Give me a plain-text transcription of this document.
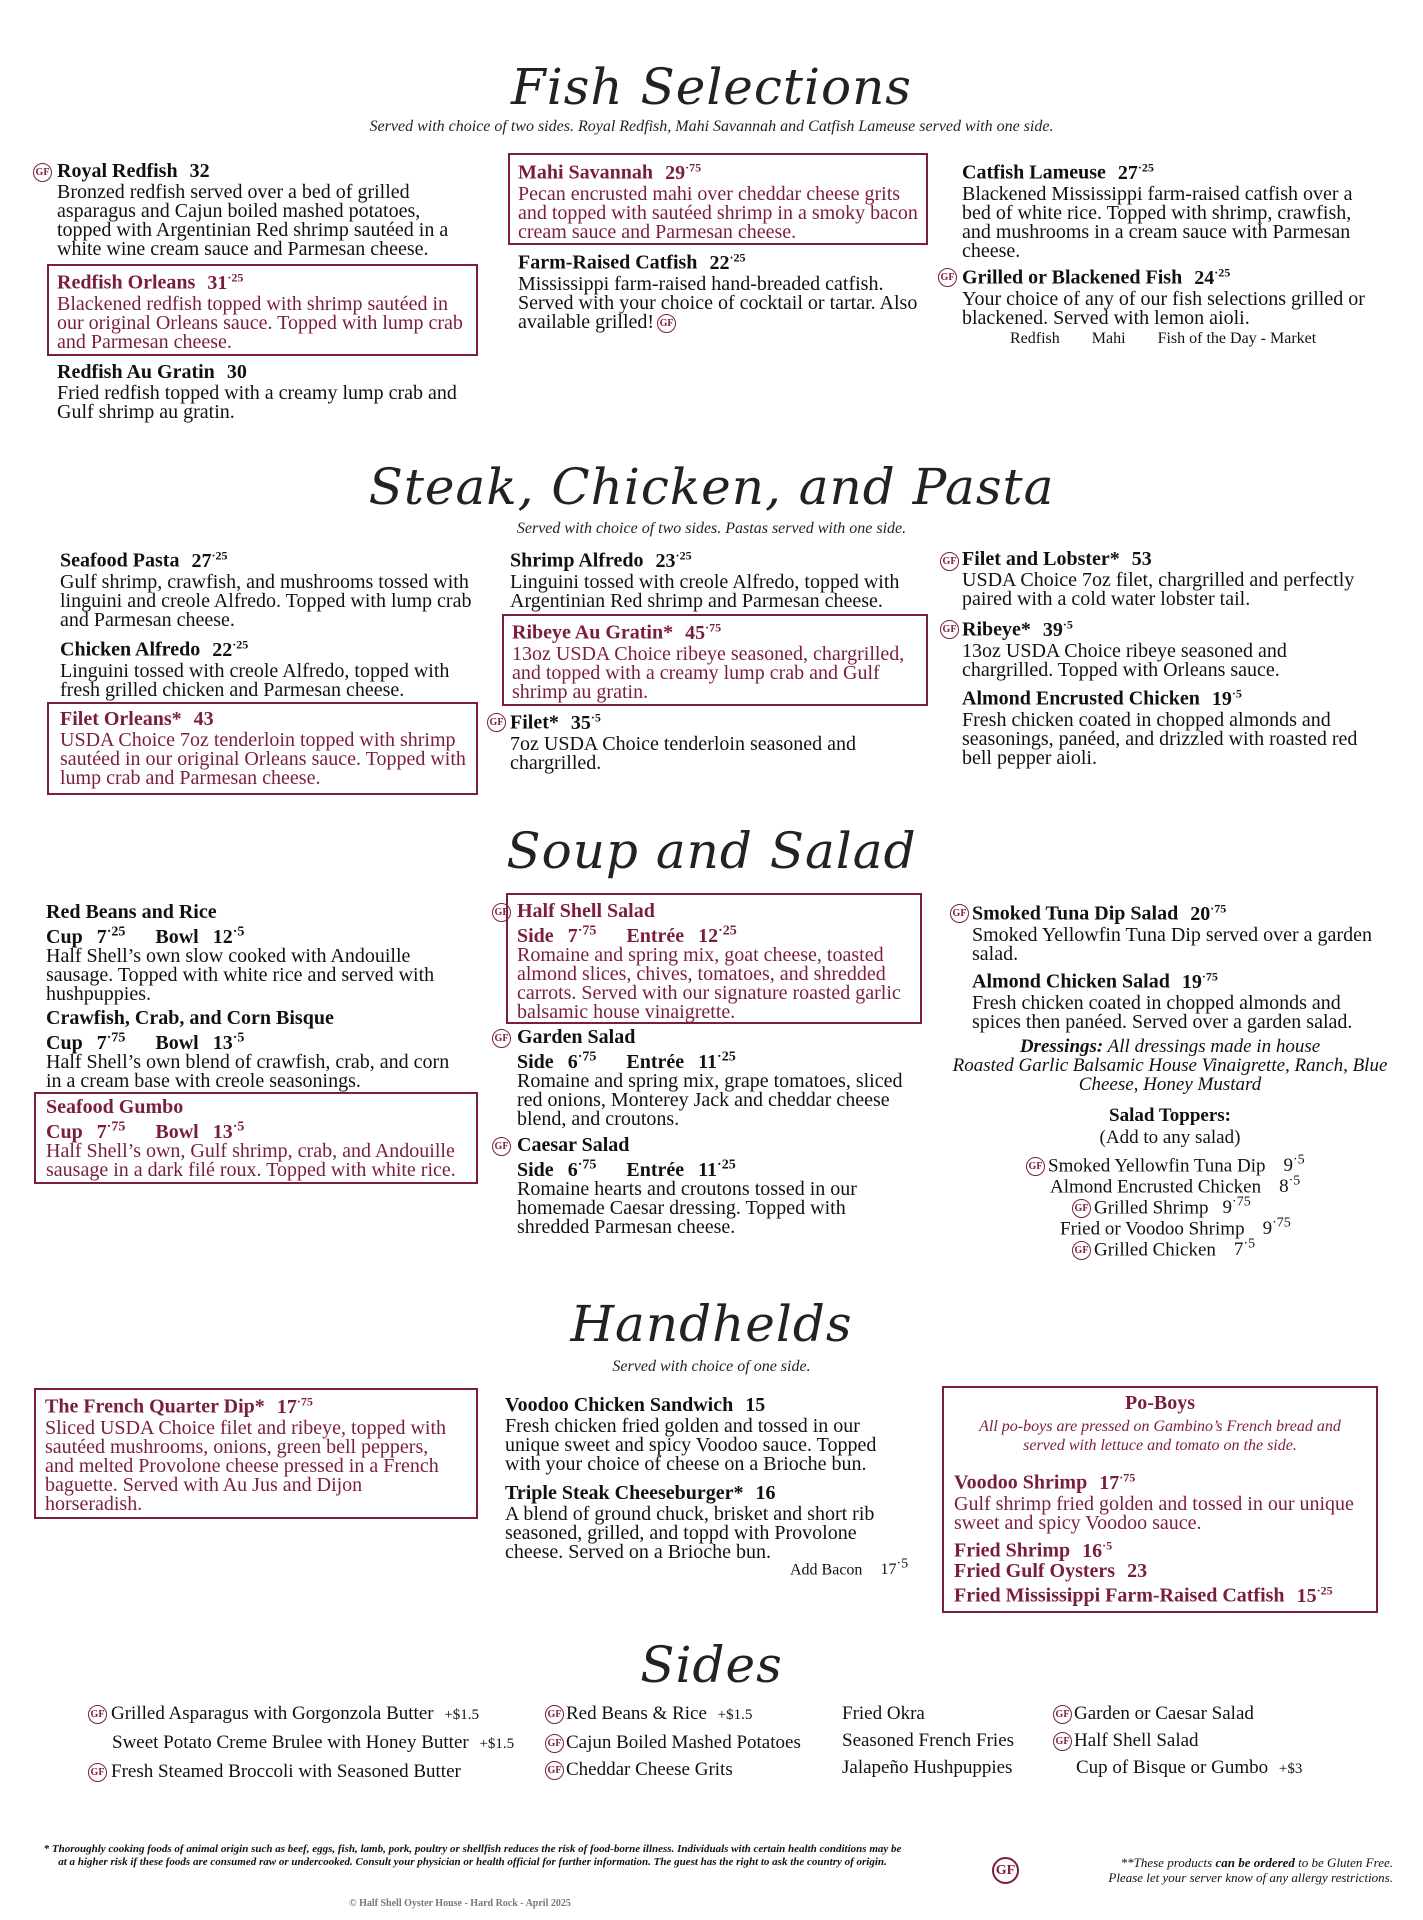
Fish Selections
Served with choice of two sides. Royal Redfish, Mahi Savannah and Catfish Lameuse served with one side.
GF Royal Redfish 32
Bronzed redfish served over a bed of grilled asparagus and Cajun boiled mashed potatoes, topped with Argentinian Red shrimp sautéed in a white wine cream sauce and Parmesan cheese.
Redfish Orleans $31^{\cdot 25}$
Blackened redfish topped with shrimp sautéed in our original Orleans sauce. Topped with lump crab and Parmesan cheese.
Redfish Au Gratin 30
Fried redfish topped with a creamy lump crab and Gulf shrimp au gratin.
Mahi Savannah $29^{\cdot 75}$
Pecan encrusted mahi over cheddar cheese grits and topped with sautéed shrimp in a smoky bacon cream sauce and Parmesan cheese.
Farm-Raised Catfish $22^{\cdot 25}$
Mississippi farm-raised hand-breaded catfish. Served with your choice of cocktail or tartar. Also available grilled! GF
Catfish Lameuse $27^{\cdot 25}$
Blackened Mississippi farm-raised catfish over a bed of white rice. Topped with shrimp, crawfish, and mushrooms in a cream sauce with Parmesan cheese.
GF Grilled or Blackened Fish $24^{\cdot 25}$
Your choice of any of our fish selections grilled or blackened. Served with lemon aioli.
Redfish Mahi Fish of the Day - Market
Steak, Chicken, and Pasta
Served with choice of two sides. Pastas served with one side.
Seafood Pasta $27^{\cdot 25}$
Gulf shrimp, crawfish, and mushrooms tossed with linguini and creole Alfredo. Topped with lump crab and Parmesan cheese.
Chicken Alfredo $22^{\cdot 25}$
Linguini tossed with creole Alfredo, topped with fresh grilled chicken and Parmesan cheese.
Filet Orleans* 43
USDA Choice 7oz tenderloin topped with shrimp sautéed in our original Orleans sauce. Topped with lump crab and Parmesan cheese.
Shrimp Alfredo $23^{\cdot 25}$
Linguini tossed with creole Alfredo, topped with Argentinian Red shrimp and Parmesan cheese.
Ribeye Au Gratin* $45^{\cdot 75}$
13oz USDA Choice ribeye seasoned, chargrilled, and topped with a creamy lump crab and Gulf shrimp au gratin.
GF Filet* $35^{\cdot 5}$
7oz USDA Choice tenderloin seasoned and chargrilled.
GF Filet and Lobster* 53
USDA Choice 7oz filet, chargrilled and perfectly paired with a cold water lobster tail.
GF Ribeye* $39^{\cdot 5}$
13oz USDA Choice ribeye seasoned and chargrilled. Topped with Orleans sauce.
Almond Encrusted Chicken $19^{\cdot 5}$
Fresh chicken coated in chopped almonds and seasonings, panéed, and drizzled with roasted red bell pepper aioli.
Soup and Salad
Red Beans and Rice
Cup $7^{\cdot 25}$ Bowl $12^{\cdot 5}$
Half Shell’s own slow cooked with Andouille sausage. Topped with white rice and served with hushpuppies.
Crawfish, Crab, and Corn Bisque
Cup $7^{\cdot 75}$ Bowl $13^{\cdot 5}$
Half Shell’s own blend of crawfish, crab, and corn in a cream base with creole seasonings.
Seafood Gumbo
Cup $7^{\cdot 75}$ Bowl $13^{\cdot 5}$
Half Shell’s own, Gulf shrimp, crab, and Andouille sausage in a dark filé roux. Topped with white rice.
GF Half Shell Salad
Side $7^{\cdot 75}$ Entrée $12^{\cdot 25}$
Romaine and spring mix, goat cheese, toasted almond slices, chives, tomatoes, and shredded carrots. Served with our signature roasted garlic balsamic house vinaigrette.
GF Garden Salad
Side $6^{\cdot 75}$ Entrée $11^{\cdot 25}$
Romaine and spring mix, grape tomatoes, sliced red onions, Monterey Jack and cheddar cheese blend, and croutons.
GF Caesar Salad
Side $6^{\cdot 75}$ Entrée $11^{\cdot 25}$
Romaine hearts and croutons tossed in our homemade Caesar dressing. Topped with shredded Parmesan cheese.
GF Smoked Tuna Dip Salad $20^{\cdot 75}$
Smoked Yellowfin Tuna Dip served over a garden salad.
Almond Chicken Salad $19^{\cdot 75}$
Fresh chicken coated in chopped almonds and spices then panéed. Served over a garden salad.
Dressings: All dressings made in house
Roasted Garlic Balsamic House Vinaigrette, Ranch, Blue Cheese, Honey Mustard
Salad Toppers:
(Add to any salad)
GF Smoked Yellowfin Tuna Dip $9^{\cdot 5}$
Almond Encrusted Chicken $8^{\cdot 5}$
GF Grilled Shrimp $9^{\cdot 75}$
Fried or Voodoo Shrimp $9^{\cdot 75}$
GF Grilled Chicken $7^{\cdot 5}$
Handhelds
Served with choice of one side.
The French Quarter Dip* $17^{\cdot 75}$
Sliced USDA Choice filet and ribeye, topped with sautéed mushrooms, onions, green bell peppers, and melted Provolone cheese pressed in a French baguette. Served with Au Jus and Dijon horseradish.
Voodoo Chicken Sandwich 15
Fresh chicken fried golden and tossed in our unique sweet and spicy Voodoo sauce. Topped with your choice of cheese on a Brioche bun.
Triple Steak Cheeseburger* 16
A blend of ground chuck, brisket and short rib seasoned, grilled, and toppd with Provolone cheese. Served on a Brioche bun.
Add Bacon $17^{\cdot 5}$
Po-Boys
All po-boys are pressed on Gambino’s French bread and served with lettuce and tomato on the side.
Voodoo Shrimp $17^{\cdot 75}$
Gulf shrimp fried golden and tossed in our unique sweet and spicy Voodoo sauce.
Fried Shrimp $16^{\cdot 5}$
Fried Gulf Oysters 23
Fried Mississippi Farm-Raised Catfish $15^{\cdot 25}$
Sides
GF Grilled Asparagus with Gorgonzola Butter +$1.5
Sweet Potato Creme Brulee with Honey Butter +$1.5
GF Fresh Steamed Broccoli with Seasoned Butter
GF Red Beans & Rice +$1.5
GF Cajun Boiled Mashed Potatoes
GF Cheddar Cheese Grits
Fried Okra
Seasoned French Fries
Jalapeño Hushpuppies
GF Garden or Caesar Salad
GF Half Shell Salad
Cup of Bisque or Gumbo +$3
* Thoroughly cooking foods of animal origin such as beef, eggs, fish, lamb, pork, poultry or shellfish reduces the risk of food-borne illness. Individuals with certain health conditions may be at a higher risk if these foods are consumed raw or undercooked. Consult your physician or health official for further information. The guest has the right to ask the country of origin.
© Half Shell Oyster House - Hard Rock - April 2025
GF	**These products can be ordered to be Gluten Free.
Please let your server know of any allergy restrictions.
